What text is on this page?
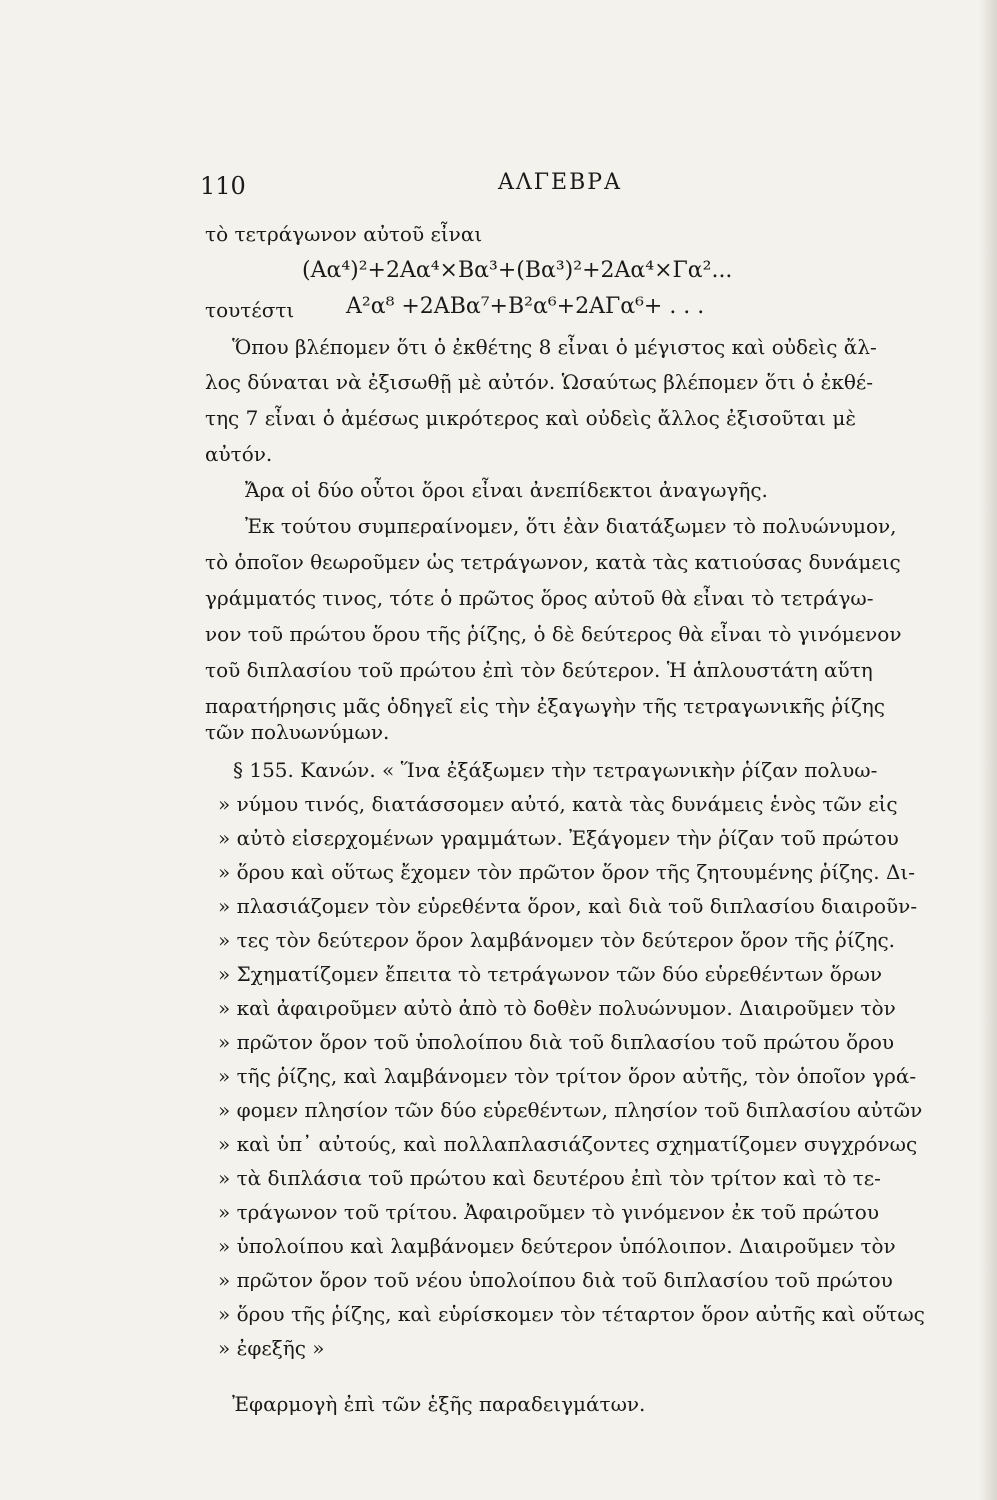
110	ΑΛΓΕΒΡΑ
τὸ τετράγωνον αὐτοῦ εἶναι
(Αα⁴)²+2Αα⁴×Βα³+(Βα³)²+2Αα⁴×Γα²...
τουτέστι Α²α⁸ +2ΑΒα⁷+Β²α⁶+2ΑΓα⁶+ . . .
Ὅπου βλέπομεν ὅτι ὁ ἐκθέτης 8 εἶναι ὁ μέγιστος καὶ οὐδεὶς ἄλ-
λος δύναται νὰ ἐξισωθῇ μὲ αὐτόν. Ὡσαύτως βλέπομεν ὅτι ὁ ἐκθέ-
της 7 εἶναι ὁ ἀμέσως μικρότερος καὶ οὐδεὶς ἄλλος ἐξισοῦται μὲ
αὐτόν.
Ἄρα οἱ δύο οὗτοι ὅροι εἶναι ἀνεπίδεκτοι ἀναγωγῆς.
Ἐκ τούτου συμπεραίνομεν, ὅτι ἐὰν διατάξωμεν τὸ πολυώνυμον,
τὸ ὁποῖον θεωροῦμεν ὡς τετράγωνον, κατὰ τὰς κατιούσας δυνάμεις
γράμματός τινος, τότε ὁ πρῶτος ὅρος αὐτοῦ θὰ εἶναι τὸ τετράγω-
νον τοῦ πρώτου ὅρου τῆς ῥίζης, ὁ δὲ δεύτερος θὰ εἶναι τὸ γινόμενον
τοῦ διπλασίου τοῦ πρώτου ἐπὶ τὸν δεύτερον. Ἡ ἁπλουστάτη αὕτη
παρατήρησις μᾶς ὁδηγεῖ εἰς τὴν ἐξαγωγὴν τῆς τετραγωνικῆς ῥίζης
τῶν πολυωνύμων.
§ 155. Κανών. « Ἵνα ἐξάξωμεν τὴν τετραγωνικὴν ῥίζαν πολυω-
» νύμου τινός, διατάσσομεν αὐτό, κατὰ τὰς δυνάμεις ἑνὸς τῶν εἰς
» αὐτὸ εἰσερχομένων γραμμάτων. Ἐξάγομεν τὴν ῥίζαν τοῦ πρώτου
» ὅρου καὶ οὕτως ἔχομεν τὸν πρῶτον ὅρον τῆς ζητουμένης ῥίζης. Δι-
» πλασιάζομεν τὸν εὑρεθέντα ὅρον, καὶ διὰ τοῦ διπλασίου διαιροῦν-
» τες τὸν δεύτερον ὅρον λαμβάνομεν τὸν δεύτερον ὅρον τῆς ῥίζης.
» Σχηματίζομεν ἔπειτα τὸ τετράγωνον τῶν δύο εὑρεθέντων ὅρων
» καὶ ἀφαιροῦμεν αὐτὸ ἀπὸ τὸ δοθὲν πολυώνυμον. Διαιροῦμεν τὸν
» πρῶτον ὅρον τοῦ ὑπολοίπου διὰ τοῦ διπλασίου τοῦ πρώτου ὅρου
» τῆς ῥίζης, καὶ λαμβάνομεν τὸν τρίτον ὅρον αὐτῆς, τὸν ὁποῖον γρά-
» φομεν πλησίον τῶν δύο εὑρεθέντων, πλησίον τοῦ διπλασίου αὐτῶν
» καὶ ὑπ᾽ αὐτούς, καὶ πολλαπλασιάζοντες σχηματίζομεν συγχρόνως
» τὰ διπλάσια τοῦ πρώτου καὶ δευτέρου ἐπὶ τὸν τρίτον καὶ τὸ τε-
» τράγωνον τοῦ τρίτου. Ἀφαιροῦμεν τὸ γινόμενον ἐκ τοῦ πρώτου
» ὑπολοίπου καὶ λαμβάνομεν δεύτερον ὑπόλοιπον. Διαιροῦμεν τὸν
» πρῶτον ὅρον τοῦ νέου ὑπολοίπου διὰ τοῦ διπλασίου τοῦ πρώτου
» ὅρου τῆς ῥίζης, καὶ εὑρίσκομεν τὸν τέταρτον ὅρον αὐτῆς καὶ οὕτως
» ἐφεξῆς »
Ἐφαρμογὴ ἐπὶ τῶν ἑξῆς παραδειγμάτων.
